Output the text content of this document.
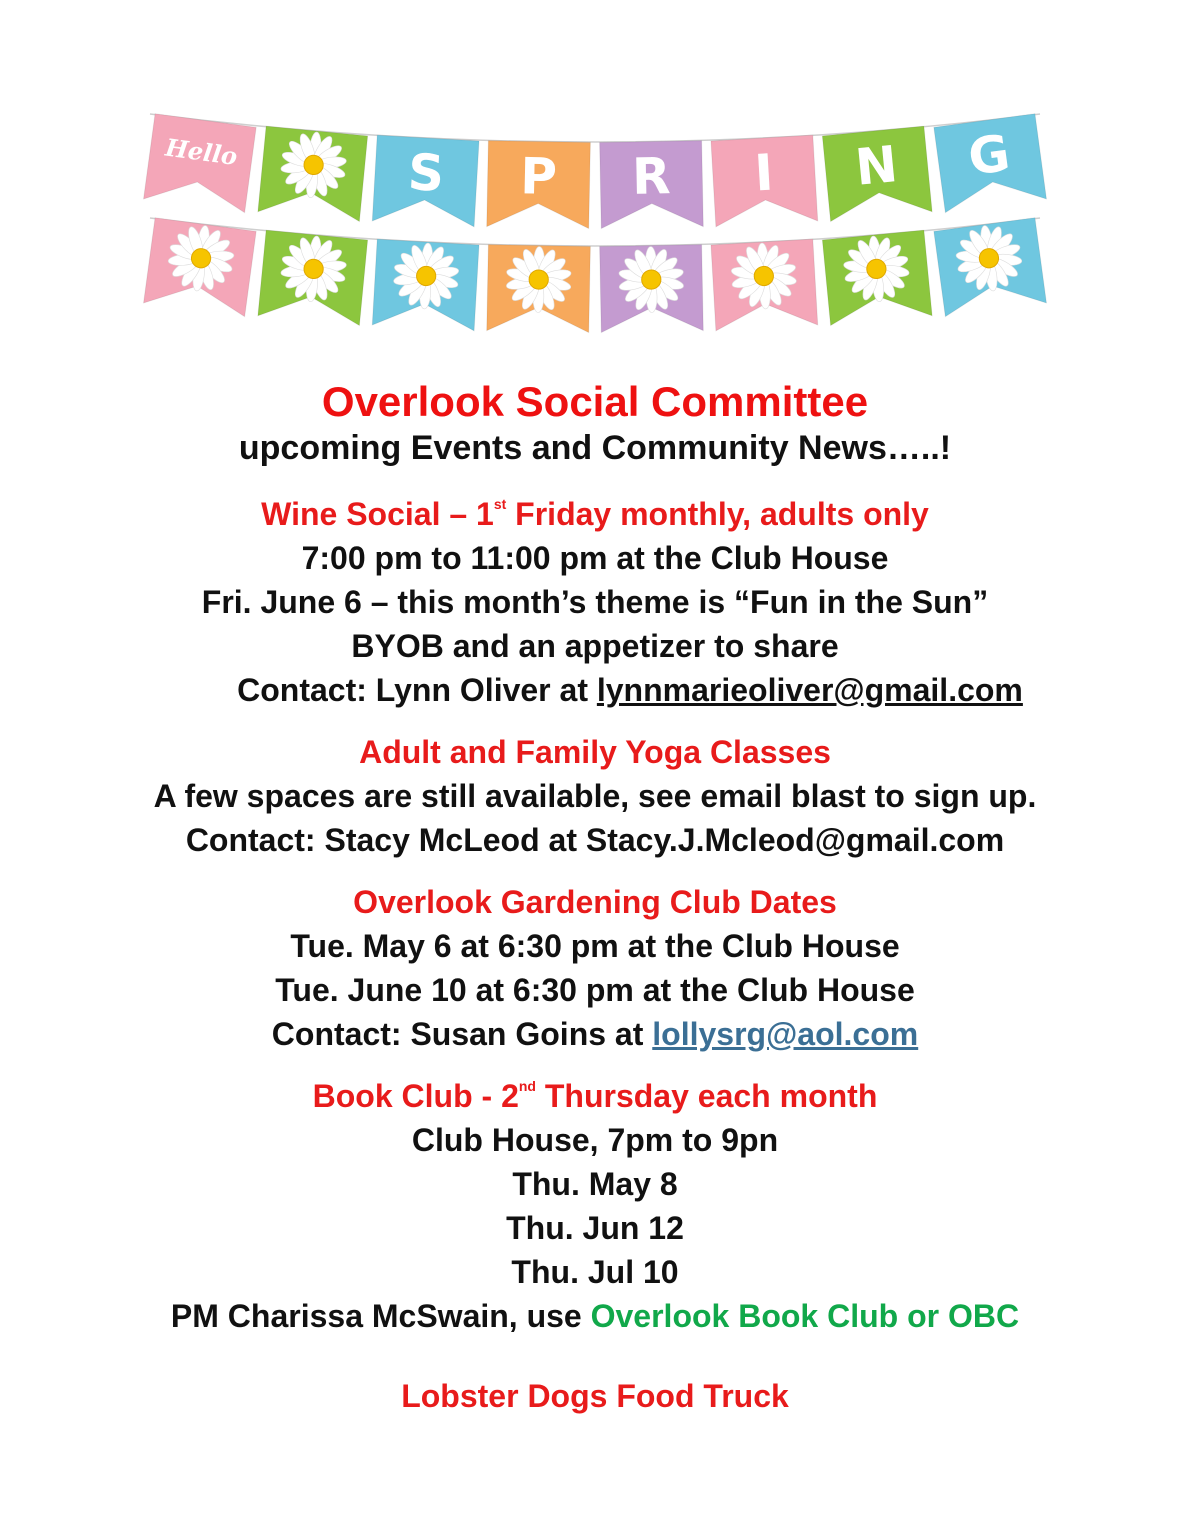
Hello	S P R I N G
Overlook Social Committee
upcoming Events and Community News…..!
Wine Social – 1st Friday monthly, adults only
7:00 pm to 11:00 pm at the Club House
Fri. June 6 – this month’s theme is “Fun in the Sun”
BYOB and an appetizer to share
Contact: Lynn Oliver at lynnmarieoliver@gmail.com
Adult and Family Yoga Classes
A few spaces are still available, see email blast to sign up.
Contact: Stacy McLeod at Stacy.J.Mcleod@gmail.com
Overlook Gardening Club Dates
Tue. May 6 at 6:30 pm at the Club House
Tue. June 10 at 6:30 pm at the Club House
Contact: Susan Goins at lollysrg@aol.com
Book Club - 2nd Thursday each month
Club House, 7pm to 9pn
Thu. May 8
Thu. Jun 12
Thu. Jul 10
PM Charissa McSwain, use Overlook Book Club or OBC
Lobster Dogs Food Truck
